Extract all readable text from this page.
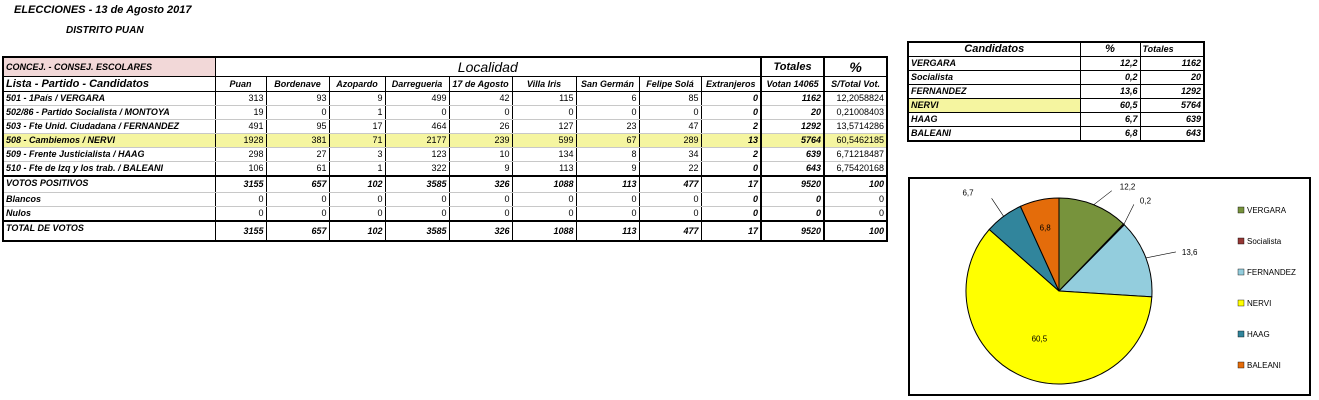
ELECCIONES - 13 de Agosto 2017
DISTRITO PUAN
CONCEJ. - CONSEJ. ESCOLARES	Localidad									Totales	%
Lista - Partido - Candidatos	Puan	Bordenave	Azopardo	Darregueria	17 de Agosto	Villa Iris	San Germán	Felipe Solá	Extranjeros	Votan 14065	S/Total Vot.
501 - 1País / VERGARA	313	93	9	499	42	115	6	85	0	1162	12,2058824
502/86 - Partido Socialista / MONTOYA	19	0	1	0	0	0	0	0	0	20	0,21008403
503 - Fte Unid. Ciudadana / FERNANDEZ	491	95	17	464	26	127	23	47	2	1292	13,5714286
508 - Cambiemos / NERVI	1928	381	71	2177	239	599	67	289	13	5764	60,5462185
509 - Frente Justicialista / HAAG	298	27	3	123	10	134	8	34	2	639	6,71218487
510 - Fte de Izq y los trab. / BALEANI	106	61	1	322	9	113	9	22	0	643	6,75420168
VOTOS POSITIVOS	3155	657	102	3585	326	1088	113	477	17	9520	100
Blancos	0	0	0	0	0	0	0	0	0	0	0
Nulos	0	0	0	0	0	0	0	0	0	0	0
TOTAL DE VOTOS	3155	657	102	3585	326	1088	113	477	17	9520	100
Candidatos	%	Totales
VERGARA	12,2	1162
Socialista	0,2	20
FERNANDEZ	13,6	1292
NERVI	60,5	5764
HAAG	6,7	639
BALEANI	6,8	643
12,2
0,2
13,6
60,5
6,7
6,8
VERGARA
Socialista
FERNANDEZ
NERVI
HAAG
BALEANI
